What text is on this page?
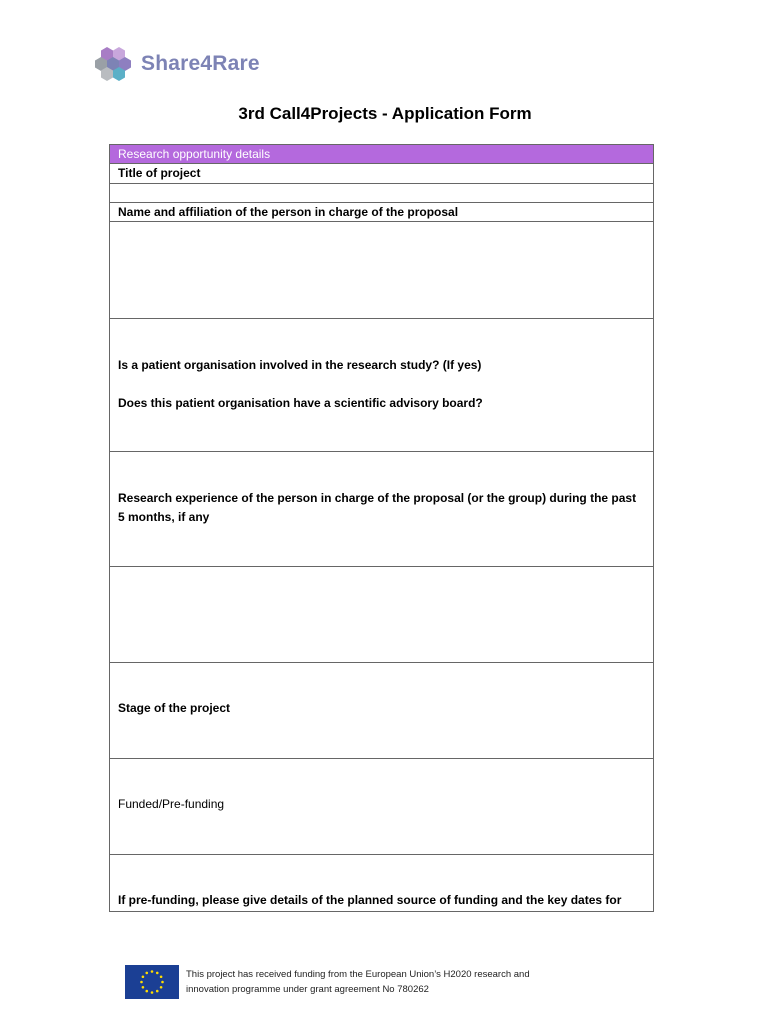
Share4Rare
3rd Call4Projects - Application Form
Research opportunity details
Title of project
Name and affiliation of the person in charge of the proposal
Is a patient organisation involved in the research study? (If yes)
Does this patient organisation have a scientific advisory board?
Research experience of the person in charge of the proposal (or the group) during the past 5 months, if any
Stage of the project
Funded/Pre-funding
If pre-funding, please give details of the planned source of funding and the key dates for
This project has received funding from the European Union’s H2020 research and
innovation programme under grant agreement No 780262
